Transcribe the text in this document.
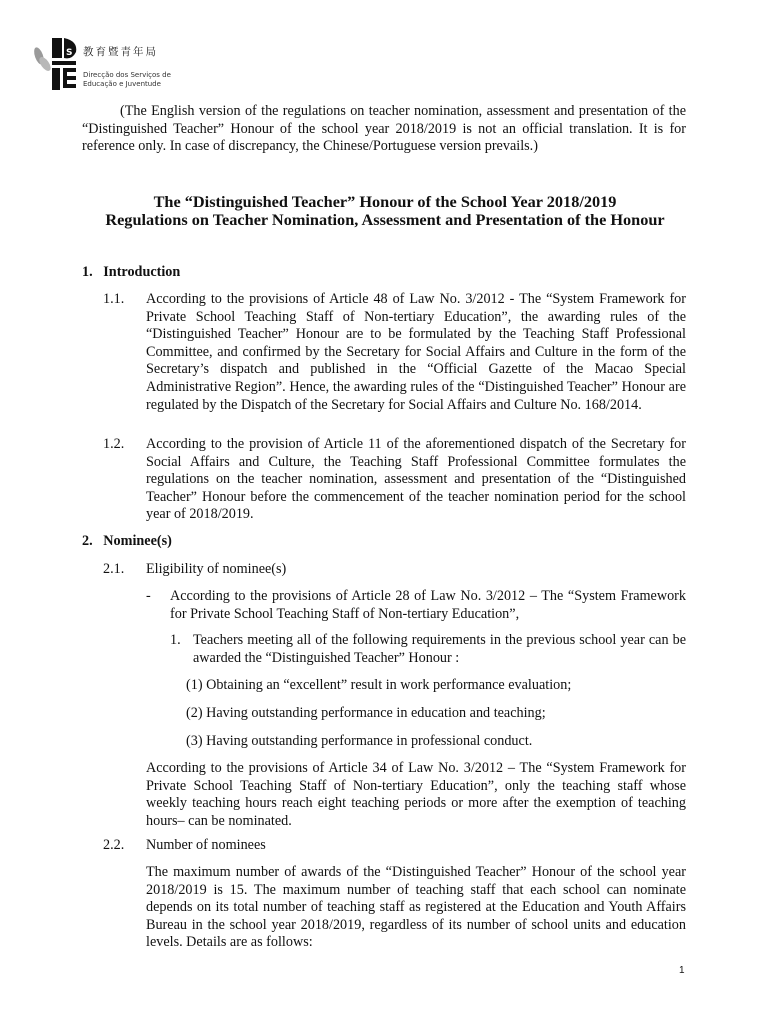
S 教育暨青年局
Direcção dos Serviços de
Educação e Juventude
(The English version of the regulations on teacher nomination, assessment and presentation of the “Distinguished Teacher” Honour of the school year 2018/2019 is not an official translation. It is for reference only. In case of discrepancy, the Chinese/Portuguese version prevails.)
The “Distinguished Teacher” Honour of the School Year 2018/2019
Regulations on Teacher Nomination, Assessment and Presentation of the Honour
1. Introduction
1.1. According to the provisions of Article 48 of Law No. 3/2012 - The “System Framework for Private School Teaching Staff of Non-tertiary Education”, the awarding rules of the “Distinguished Teacher” Honour are to be formulated by the Teaching Staff Professional Committee, and confirmed by the Secretary for Social Affairs and Culture in the form of the Secretary’s dispatch and published in the “Official Gazette of the Macao Special Administrative Region”. Hence, the awarding rules of the “Distinguished Teacher” Honour are regulated by the Dispatch of the Secretary for Social Affairs and Culture No. 168/2014.
1.2. According to the provision of Article 11 of the aforementioned dispatch of the Secretary for Social Affairs and Culture, the Teaching Staff Professional Committee formulates the regulations on the teacher nomination, assessment and presentation of the “Distinguished Teacher” Honour before the commencement of the teacher nomination period for the school year of 2018/2019.
2. Nominee(s)
2.1. Eligibility of nominee(s)
- According to the provisions of Article 28 of Law No. 3/2012 – The “System Framework for Private School Teaching Staff of Non-tertiary Education”,
1. Teachers meeting all of the following requirements in the previous school year can be awarded the “Distinguished Teacher” Honour :
(1) Obtaining an “excellent” result in work performance evaluation;
(2) Having outstanding performance in education and teaching;
(3) Having outstanding performance in professional conduct.
According to the provisions of Article 34 of Law No. 3/2012 – The “System Framework for Private School Teaching Staff of Non-tertiary Education”, only the teaching staff whose weekly teaching hours reach eight teaching periods or more after the exemption of teaching hours– can be nominated.
2.2. Number of nominees
The maximum number of awards of the “Distinguished Teacher” Honour of the school year 2018/2019 is 15. The maximum number of teaching staff that each school can nominate depends on its total number of teaching staff as registered at the Education and Youth Affairs Bureau in the school year 2018/2019, regardless of its number of school units and education levels. Details are as follows:
1
